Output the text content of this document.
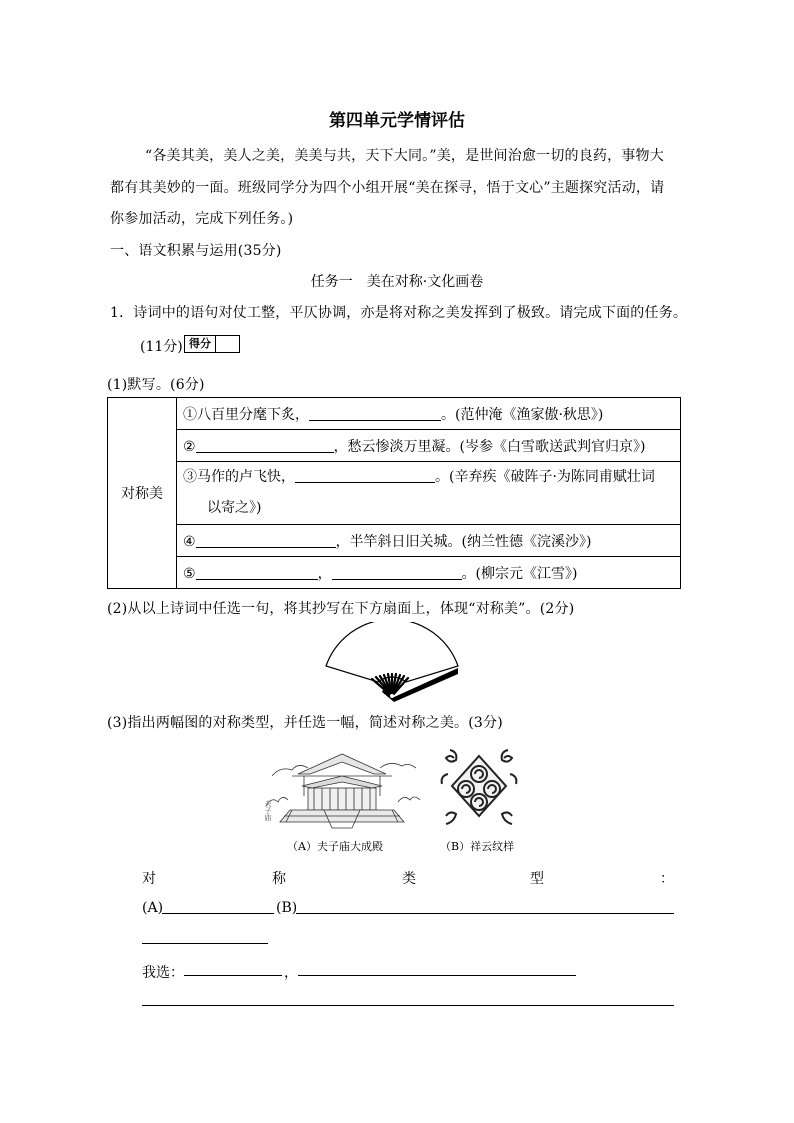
第四单元学情评估
“各美其美，美人之美，美美与共，天下大同。”美，是世间治愈一切的良药，事物大
都有其美妙的一面。班级同学分为四个小组开展“美在探寻，悟于文心”主题探究活动，请
你参加活动，完成下列任务。)
一、语文积累与运用(35分)
任务一　美在对称·文化画卷
1．诗词中的语句对仗工整，平仄协调，亦是将对称之美发挥到了极致。请完成下面的任务。
(11分) 得分
(1)默写。(6分)
对称美	①八百里分麾下炙，	。(范仲淹《渔家傲·秋思》)
②	，愁云惨淡万里凝。(岑参《白雪歌送武判官归京》)
③马作的卢飞快，	。(辛弃疾《破阵子·为陈同甫赋壮词
以寄之》)
④	，半竿斜日旧关城。(纳兰性德《浣溪沙》)
⑤	，	。(柳宗元《江雪》)
(2)从以上诗词中任选一句，将其抄写在下方扇面上，体现“对称美”。(2分)
(3)指出两幅图的对称类型，并任选一幅，简述对称之美。(3分)
夫子庙
（A）夫子庙大成殿	（B）祥云纹样
对	称	类	型	：
(A)	(B)
我选：	，
